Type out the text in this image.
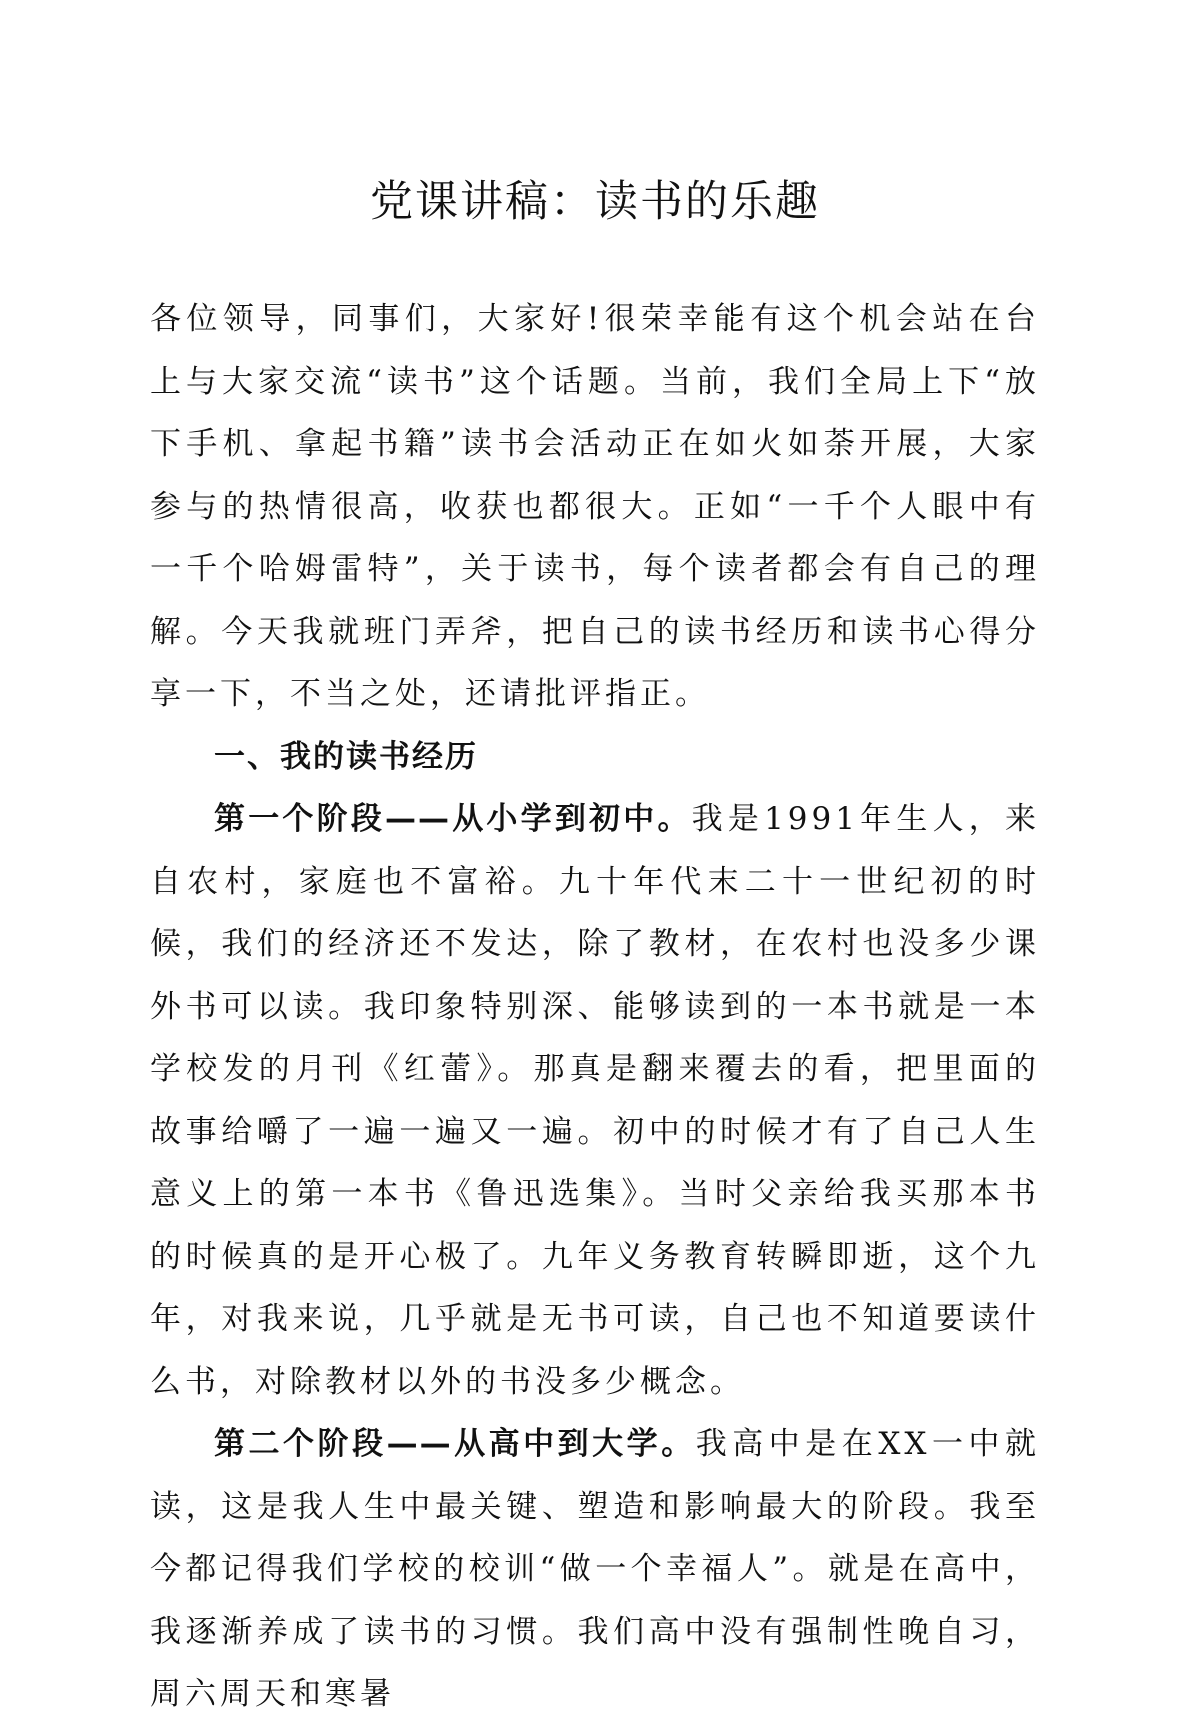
党课讲稿：读书的乐趣

各位领导，同事们，大家好!很荣幸能有这个机会站在台上与大家交流“读书”这个话题。当前，我们全局上下“放下手机、拿起书籍”读书会活动正在如火如荼开展，大家参与的热情很高，收获也都很大。正如“一千个人眼中有一千个哈姆雷特”，关于读书，每个读者都会有自己的理解。今天我就班门弄斧，把自己的读书经历和读书心得分享一下，不当之处，还请批评指正。

一、我的读书经历

第一个阶段——从小学到初中。我是1991年生人，来自农村，家庭也不富裕。九十年代末二十一世纪初的时候，我们的经济还不发达，除了教材，在农村也没多少课外书可以读。我印象特别深、能够读到的一本书就是一本学校发的月刊《红蕾》。那真是翻来覆去的看，把里面的故事给嚼了一遍一遍又一遍。初中的时候才有了自己人生意义上的第一本书《鲁迅选集》。当时父亲给我买那本书的时候真的是开心极了。九年义务教育转瞬即逝，这个九年，对我来说，几乎就是无书可读，自己也不知道要读什么书，对除教材以外的书没多少概念。

第二个阶段——从高中到大学。我高中是在XX一中就读，这是我人生中最关键、塑造和影响最大的阶段。我至今都记得我们学校的校训“做一个幸福人”。就是在高中，我逐渐养成了读书的习惯。我们高中没有强制性晚自习，周六周天和寒暑
